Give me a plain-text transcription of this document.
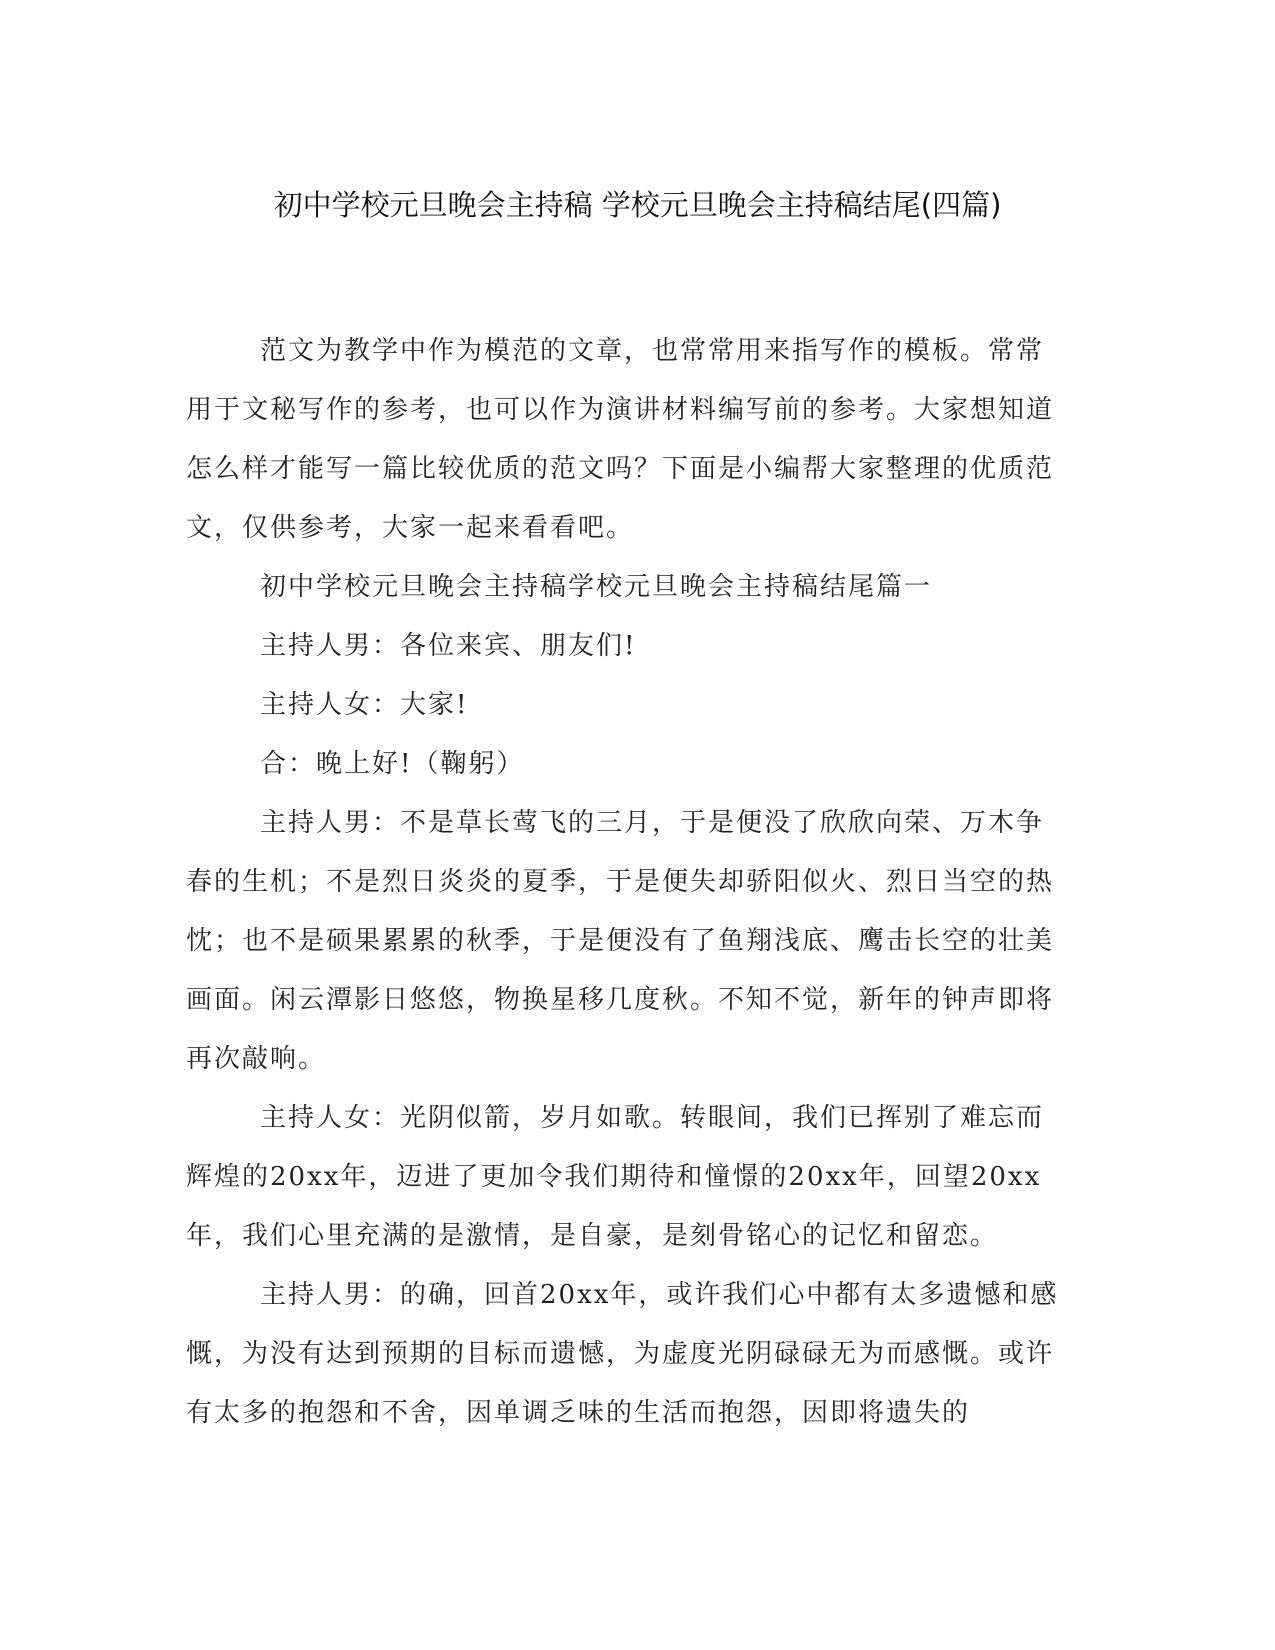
初中学校元旦晚会主持稿 学校元旦晚会主持稿结尾(四篇)

范文为教学中作为模范的文章，也常常用来指写作的模板。常常用于文秘写作的参考，也可以作为演讲材料编写前的参考。大家想知道怎么样才能写一篇比较优质的范文吗？下面是小编帮大家整理的优质范文，仅供参考，大家一起来看看吧。

初中学校元旦晚会主持稿学校元旦晚会主持稿结尾篇一

主持人男：各位来宾、朋友们!

主持人女：大家!

合：晚上好!（鞠躬）

主持人男：不是草长莺飞的三月，于是便没了欣欣向荣、万木争春的生机；不是烈日炎炎的夏季，于是便失却骄阳似火、烈日当空的热忱；也不是硕果累累的秋季，于是便没有了鱼翔浅底、鹰击长空的壮美画面。闲云潭影日悠悠，物换星移几度秋。不知不觉，新年的钟声即将再次敲响。

主持人女：光阴似箭，岁月如歌。转眼间，我们已挥别了难忘而辉煌的20xx年，迈进了更加令我们期待和憧憬的20xx年，回望20xx年，我们心里充满的是激情，是自豪，是刻骨铭心的记忆和留恋。

主持人男：的确，回首20xx年，或许我们心中都有太多遗憾和感慨，为没有达到预期的目标而遗憾，为虚度光阴碌碌无为而感慨。或许有太多的抱怨和不舍，因单调乏味的生活而抱怨，因即将遗失的
